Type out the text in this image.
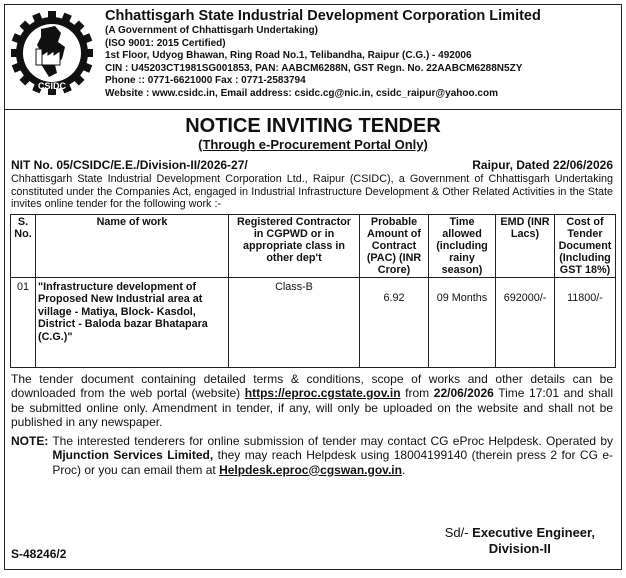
CSIDC
Chhattisgarh State Industrial Development Corporation Limited
(A Government of Chhattisgarh Undertaking)
(ISO 9001: 2015 Certified)
1st Floor, Udyog Bhawan, Ring Road No.1, Telibandha, Raipur (C.G.) - 492006
CIN : U45203CT1981SG001853, PAN: AABCM6288N, GST Regn. No. 22AABCM6288N5ZY
Phone :: 0771-6621000 Fax : 0771-2583794
Website : www.csidc.in, Email address: csidc.cg@nic.in, csidc_raipur@yahoo.com
NOTICE INVITING TENDER
(Through e-Procurement Portal Only)
NIT No. 05/CSIDC/E.E./Division-II/2026-27/	Raipur, Dated 22/06/2026
Chhattisgarh State Industrial Development Corporation Ltd., Raipur (CSIDC), a Government of Chhattisgarh Undertaking constituted under the Companies Act, engaged in Industrial Infrastructure Development & Other Related Activities in the State invites online tender for the following work :-
S. No.	Name of work	Registered Contractor in CGPWD or in appropriate class in other dep't	Probable Amount of Contract (PAC) (INR Crore)	Time allowed (including rainy season)	EMD (INR Lacs)	Cost of Tender Document (Including GST 18%)
01	"Infrastructure development of Proposed New Industrial area at village - Matiya, Block- Kasdol, District - Baloda bazar Bhatapara (C.G.)"	Class-B	6.92	09 Months	692000/-	11800/-
The tender document containing detailed terms & conditions, scope of works and other details can be downloaded from the web portal (website) https://eproc.cgstate.gov.in from 22/06/2026 Time 17:01 and shall be submitted online only. Amendment in tender, if any, will only be uploaded on the website and shall not be published in any newspaper.
NOTE: The interested tenderers for online submission of tender may contact CG eProc Helpdesk. Operated by Mjunction Services Limited, they may reach Helpdesk using 18004199140 (therein press 2 for CG e-Proc) or you can email them at Helpdesk.eproc@cgswan.gov.in.
S-48246/2
Sd/- Executive Engineer,
Division-II
